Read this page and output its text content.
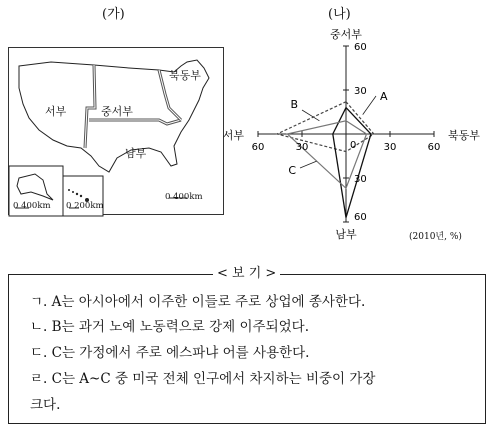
(가)	(나)
서부	중서부
북동부
남부
0 400km 0 200km
0 400km
중서부
북동부
남부
서부
60
30
0	60
60	30
30
30
60
A
B
C
(2010년, %)
< 보 기 >
ㄱ. A는 아시아에서 이주한 이들로 주로 상업에 종사한다.
ㄴ. B는 과거 노예 노동력으로 강제 이주되었다.
ㄷ. C는 가정에서 주로 에스파냐 어를 사용한다.
ㄹ. C는 A~C 중 미국 전체 인구에서 차지하는 비중이 가장
크다.
